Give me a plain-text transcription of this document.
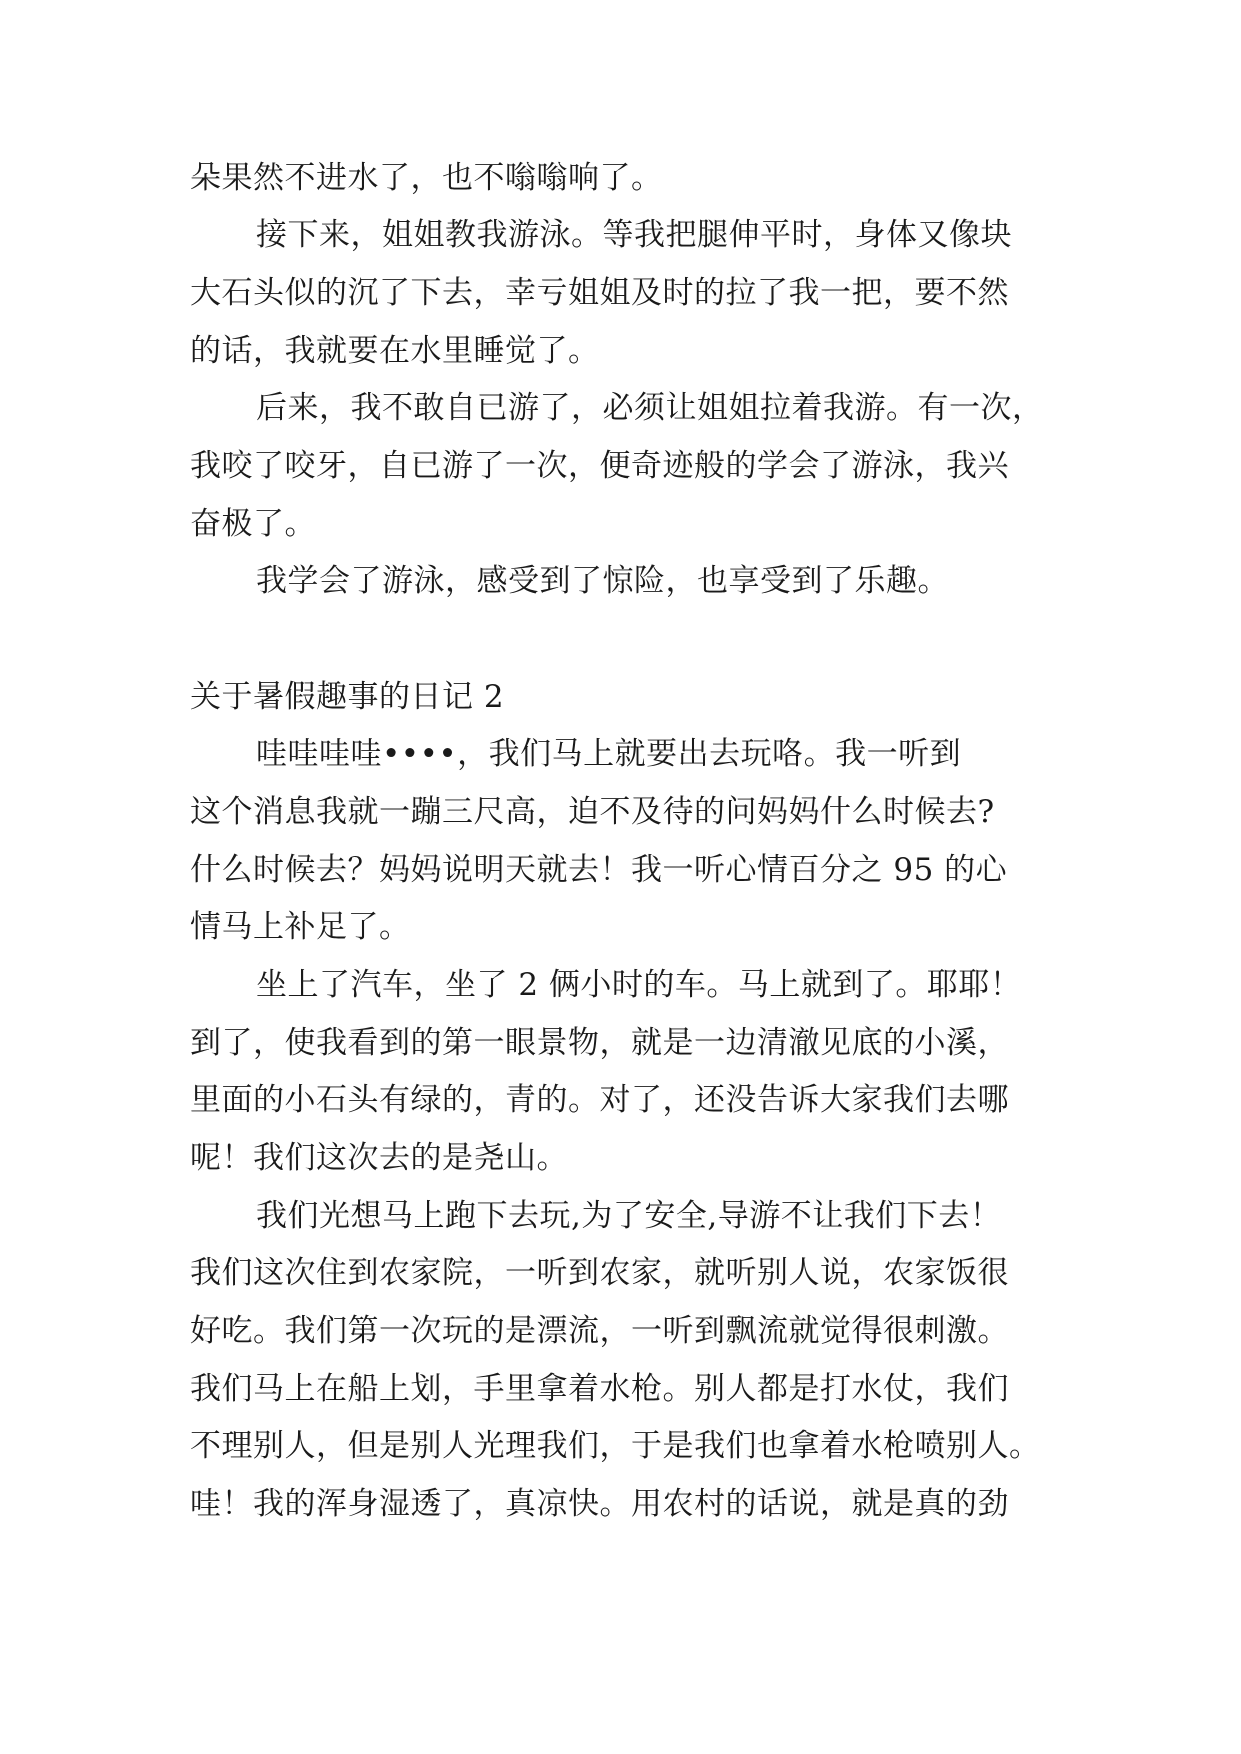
朵果然不进水了，也不嗡嗡响了。
接下来，姐姐教我游泳。等我把腿伸平时，身体又像块
大石头似的沉了下去，幸亏姐姐及时的拉了我一把，要不然
的话，我就要在水里睡觉了。
后来，我不敢自已游了，必须让姐姐拉着我游。有一次，
我咬了咬牙，自已游了一次，便奇迹般的学会了游泳，我兴
奋极了。
我学会了游泳，感受到了惊险，也享受到了乐趣。
关于暑假趣事的日记 2
哇哇哇哇••••，我们马上就要出去玩咯。我一听到
这个消息我就一蹦三尺高，迫不及待的问妈妈什么时候去?
什么时候去？妈妈说明天就去！我一听心情百分之 95 的心
情马上补足了。
坐上了汽车，坐了 2 俩小时的车。马上就到了。耶耶！
到了，使我看到的第一眼景物，就是一边清澈见底的小溪，
里面的小石头有绿的，青的。对了，还没告诉大家我们去哪
呢！我们这次去的是尧山。
我们光想马上跑下去玩,为了安全,导游不让我们下去！
我们这次住到农家院，一听到农家，就听别人说，农家饭很
好吃。我们第一次玩的是漂流，一听到飘流就觉得很刺激。
我们马上在船上划，手里拿着水枪。别人都是打水仗，我们
不理别人，但是别人光理我们，于是我们也拿着水枪喷别人。
哇！我的浑身湿透了，真凉快。用农村的话说，就是真的劲
